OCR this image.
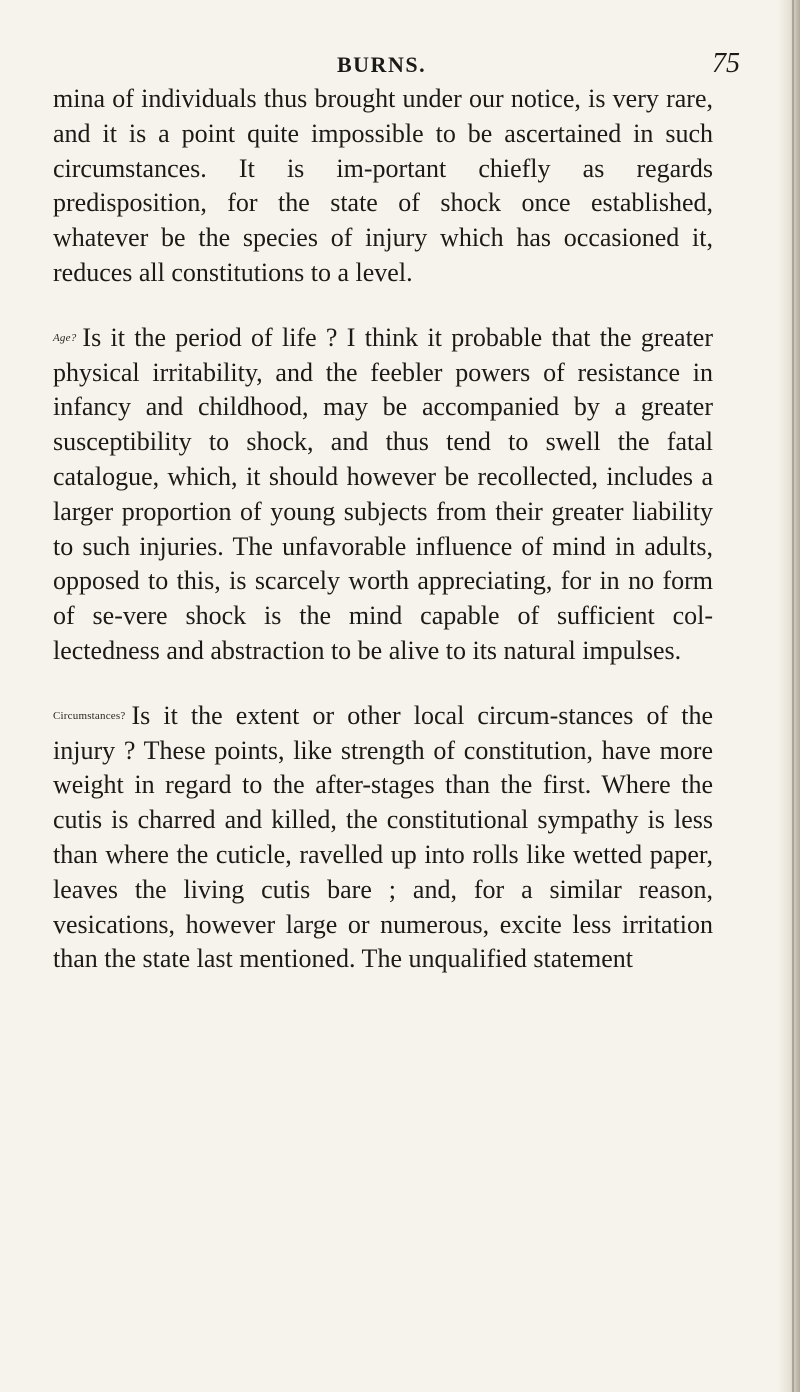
BURNS.	75

mina of individuals thus brought under our notice, is very rare, and it is a point quite impossible to be ascertained in such circumstances. It is im-portant chiefly as regards predisposition, for the state of shock once established, whatever be the species of injury which has occasioned it, reduces all constitutions to a level.

Age? Is it the period of life ? I think it probable that the greater physical irritability, and the feebler powers of resistance in infancy and childhood, may be accompanied by a greater susceptibility to shock, and thus tend to swell the fatal catalogue, which, it should however be recollected, includes a larger proportion of young subjects from their greater liability to such injuries. The unfavorable influence of mind in adults, opposed to this, is scarcely worth appreciating, for in no form of se-vere shock is the mind capable of sufficient col-lectedness and abstraction to be alive to its natural impulses.

Circumstances? Is it the extent or other local circum-stances of the injury ? These points, like strength of constitution, have more weight in regard to the after-stages than the first. Where the cutis is charred and killed, the constitutional sympathy is less than where the cuticle, ravelled up into rolls like wetted paper, leaves the living cutis bare ; and, for a similar reason, vesications, however large or numerous, excite less irritation than the state last mentioned. The unqualified statement
